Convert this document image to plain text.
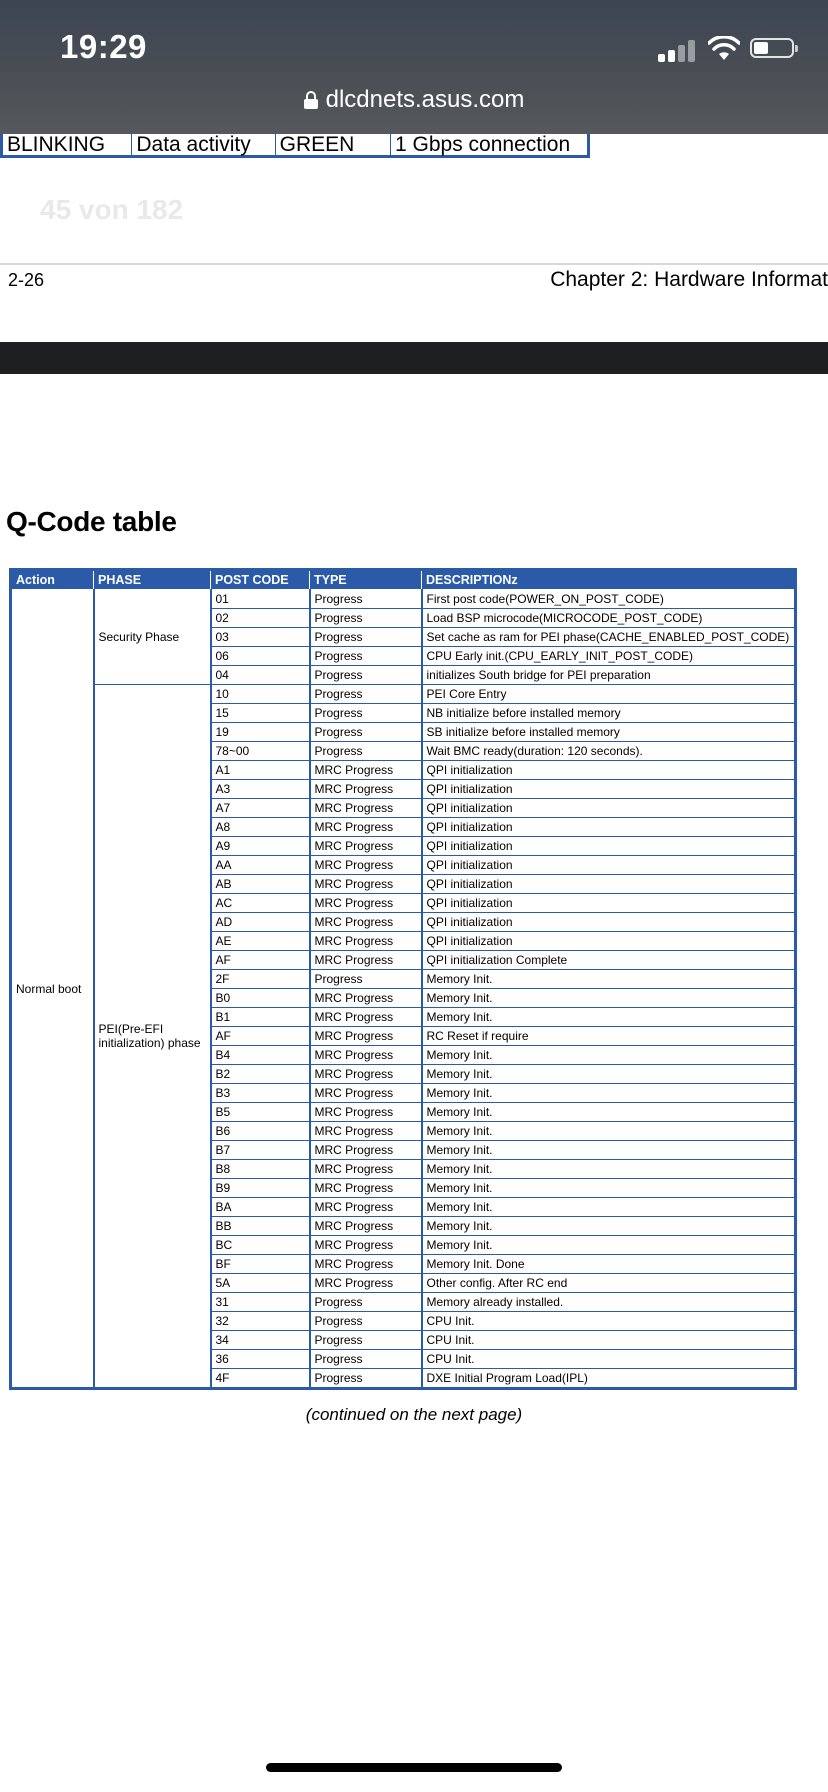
19:29
dlcdnets.asus.com
BLINKING	Data activity	GREEN	1 Gbps connection
45 von 182
2-26	Chapter 2: Hardware Informat
Q-Code table
Action	PHASE	POST CODE	TYPE	DESCRIPTIONz
Normal boot	Security Phase	01	Progress	First post code(POWER_ON_POST_CODE)
		02	Progress	Load BSP microcode(MICROCODE_POST_CODE)
		03	Progress	Set cache as ram for PEI phase(CACHE_ENABLED_POST_CODE)
		06	Progress	CPU Early init.(CPU_EARLY_INIT_POST_CODE)
		04	Progress	initializes South bridge for PEI preparation
	PEI(Pre-EFI initialization) phase	10	Progress	PEI Core Entry
		15	Progress	NB initialize before installed memory
		19	Progress	SB initialize before installed memory
		78~00	Progress	Wait BMC ready(duration: 120 seconds).
		A1	MRC Progress	QPI initialization
		A3	MRC Progress	QPI initialization
		A7	MRC Progress	QPI initialization
		A8	MRC Progress	QPI initialization
		A9	MRC Progress	QPI initialization
		AA	MRC Progress	QPI initialization
		AB	MRC Progress	QPI initialization
		AC	MRC Progress	QPI initialization
		AD	MRC Progress	QPI initialization
		AE	MRC Progress	QPI initialization
		AF	MRC Progress	QPI initialization Complete
		2F	Progress	Memory Init.
		B0	MRC Progress	Memory Init.
		B1	MRC Progress	Memory Init.
		AF	MRC Progress	RC Reset if require
		B4	MRC Progress	Memory Init.
		B2	MRC Progress	Memory Init.
		B3	MRC Progress	Memory Init.
		B5	MRC Progress	Memory Init.
		B6	MRC Progress	Memory Init.
		B7	MRC Progress	Memory Init.
		B8	MRC Progress	Memory Init.
		B9	MRC Progress	Memory Init.
		BA	MRC Progress	Memory Init.
		BB	MRC Progress	Memory Init.
		BC	MRC Progress	Memory Init.
		BF	MRC Progress	Memory Init. Done
		5A	MRC Progress	Other config. After RC end
		31	Progress	Memory already installed.
		32	Progress	CPU Init.
		34	Progress	CPU Init.
		36	Progress	CPU Init.
		4F	Progress	DXE Initial Program Load(IPL)
(continued on the next page)
